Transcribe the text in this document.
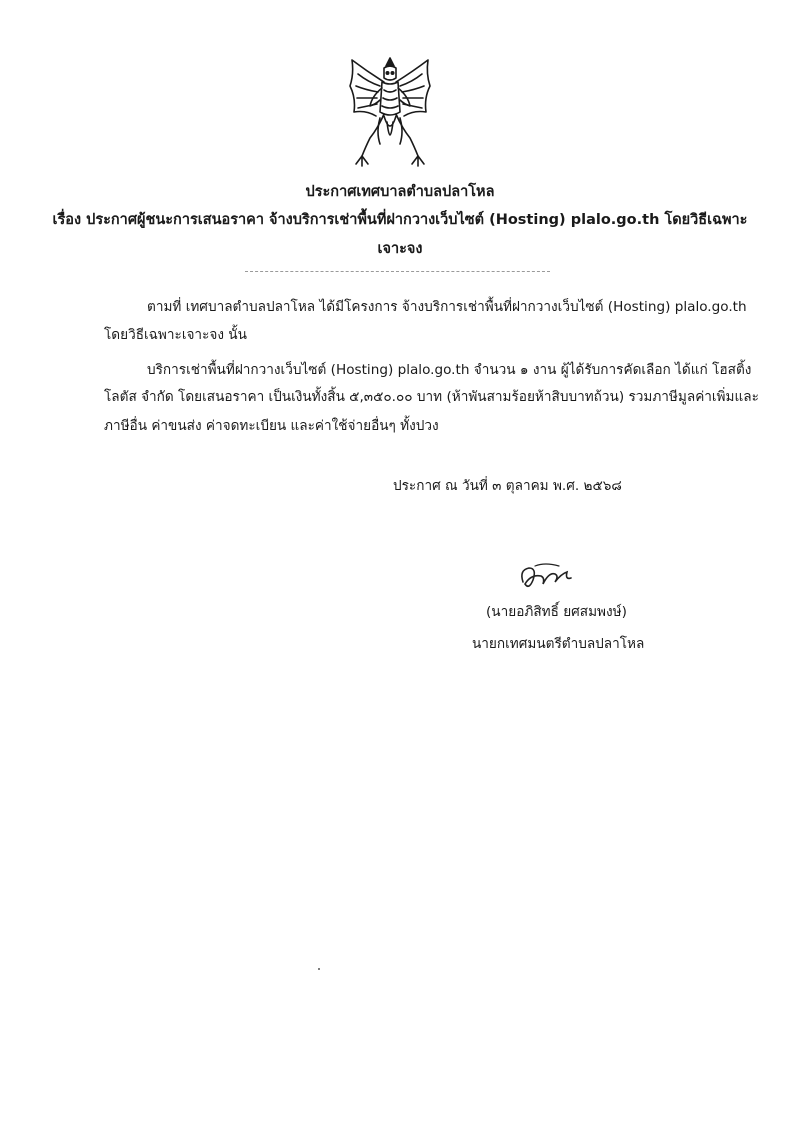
ประกาศเทศบาลตำบลปลาโหล
เรื่อง ประกาศผู้ชนะการเสนอราคา จ้างบริการเช่าพื้นที่ฝากวางเว็บไซต์ (Hosting) plalo.go.th โดยวิธีเฉพาะ
เจาะจง
ตามที่ เทศบาลตำบลปลาโหล ได้มีโครงการ จ้างบริการเช่าพื้นที่ฝากวางเว็บไซต์ (Hosting) plalo.go.th
โดยวิธีเฉพาะเจาะจง นั้น
บริการเช่าพื้นที่ฝากวางเว็บไซต์ (Hosting) plalo.go.th จำนวน ๑ งาน ผู้ได้รับการคัดเลือก ได้แก่ โฮสติ้ง
โลตัส จำกัด โดยเสนอราคา เป็นเงินทั้งสิ้น ๕,๓๕๐.๐๐ บาท (ห้าพันสามร้อยห้าสิบบาทถ้วน) รวมภาษีมูลค่าเพิ่มและ
ภาษีอื่น ค่าขนส่ง ค่าจดทะเบียน และค่าใช้จ่ายอื่นๆ ทั้งปวง
ประกาศ ณ วันที่ ๓ ตุลาคม พ.ศ. ๒๕๖๘
(นายอภิสิทธิ์ ยศสมพงษ์)
นายกเทศมนตรีตำบลปลาโหล
